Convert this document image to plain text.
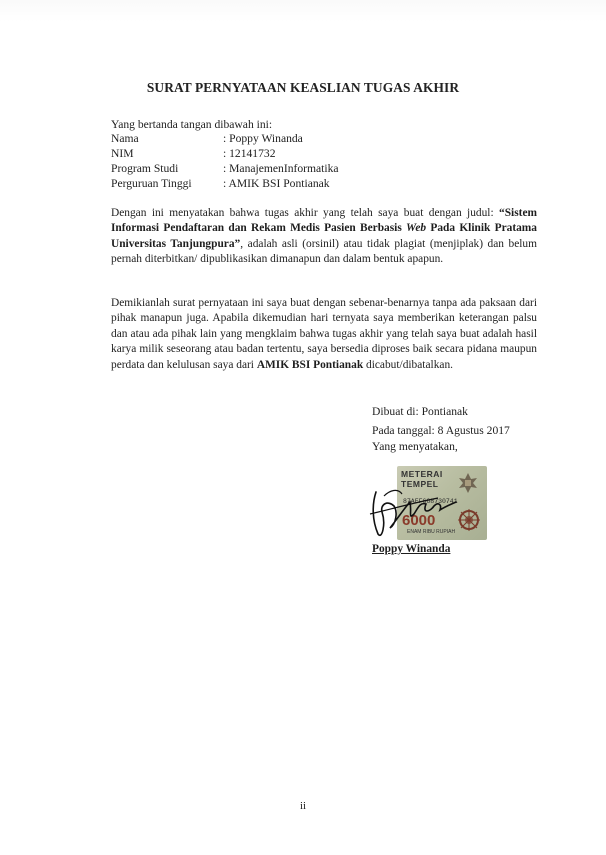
SURAT PERNYATAAN KEASLIAN TUGAS AKHIR
Yang bertanda tangan dibawah ini:
Nama	: Poppy Winanda
NIM	: 12141732
Program Studi	: ManajemenInformatika
Perguruan Tinggi	: AMIK BSI Pontianak

Dengan ini menyatakan bahwa tugas akhir yang telah saya buat dengan judul: “Sistem Informasi Pendaftaran dan Rekam Medis Pasien Berbasis Web Pada Klinik Pratama Universitas Tanjungpura”, adalah asli (orsinil) atau tidak plagiat (menjiplak) dan belum pernah diterbitkan/ dipublikasikan dimanapun dan dalam bentuk apapun.

Demikianlah surat pernyataan ini saya buat dengan sebenar-benarnya tanpa ada paksaan dari pihak manapun juga. Apabila dikemudian hari ternyata saya memberikan keterangan palsu dan atau ada pihak lain yang mengklaim bahwa tugas akhir yang telah saya buat adalah hasil karya milik seseorang atau badan tertentu, saya bersedia diproses baik secara pidana maupun perdata dan kelulusan saya dari AMIK BSI Pontianak dicabut/dibatalkan.

Dibuat di: Pontianak
Pada tanggal: 8 Agustus 2017
Yang menyatakan,
METERAI
TEMPEL
87AEF668730741
6000
ENAM RIBU RUPIAH
Poppy Winanda
ii
